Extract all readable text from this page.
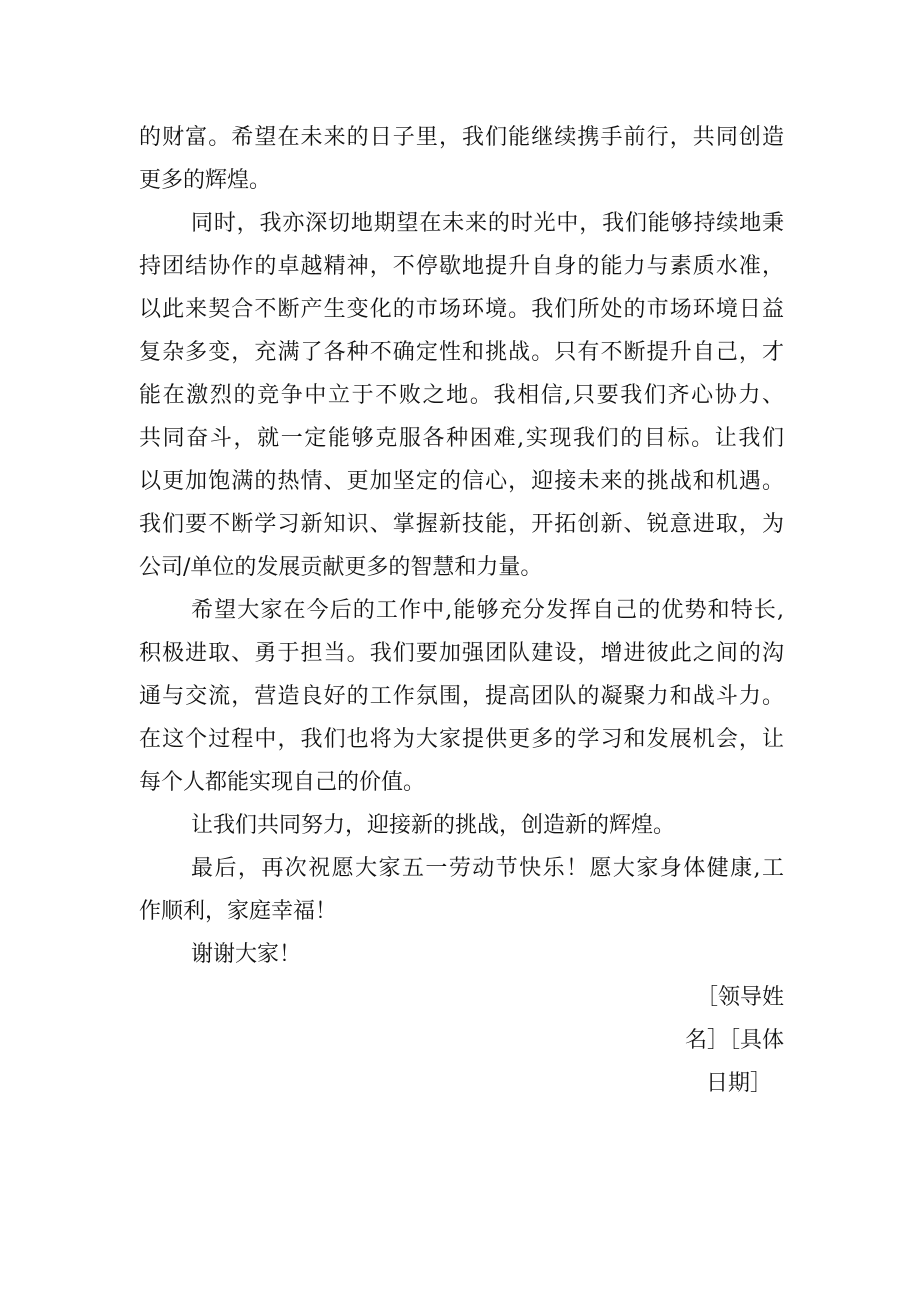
的财富。希望在未来的日子里，我们能继续携手前行，共同创造
更多的辉煌。
同时，我亦深切地期望在未来的时光中，我们能够持续地秉
持团结协作的卓越精神，不停歇地提升自身的能力与素质水准，
以此来契合不断产生变化的市场环境。我们所处的市场环境日益
复杂多变，充满了各种不确定性和挑战。只有不断提升自己，才
能在激烈的竞争中立于不败之地。我相信,只要我们齐心协力、
共同奋斗，就一定能够克服各种困难,实现我们的目标。让我们
以更加饱满的热情、更加坚定的信心，迎接未来的挑战和机遇。
我们要不断学习新知识、掌握新技能，开拓创新、锐意进取，为
公司/单位的发展贡献更多的智慧和力量。
希望大家在今后的工作中,能够充分发挥自己的优势和特长,
积极进取、勇于担当。我们要加强团队建设，增进彼此之间的沟
通与交流，营造良好的工作氛围，提高团队的凝聚力和战斗力。
在这个过程中，我们也将为大家提供更多的学习和发展机会，让
每个人都能实现自己的价值。
让我们共同努力，迎接新的挑战，创造新的辉煌。
最后，再次祝愿大家五一劳动节快乐！愿大家身体健康,工
作顺利，家庭幸福！
谢谢大家！
［领导姓
名］［具体
日期］
